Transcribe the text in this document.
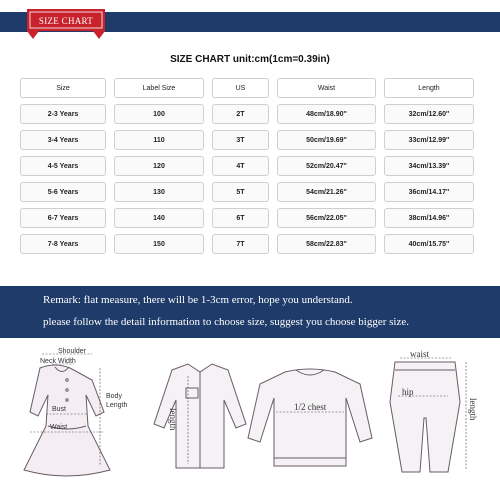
SIZE CHART
SIZE CHART unit:cm(1cm=0.39in)
Size	Label Size	US	Waist	Length
2-3 Years	100	2T	48cm/18.90''	32cm/12.60''
3-4 Years	110	3T	50cm/19.69''	33cm/12.99''
4-5 Years	120	4T	52cm/20.47''	34cm/13.39''
5-6 Years	130	5T	54cm/21.26''	36cm/14.17''
6-7 Years	140	6T	56cm/22.05''	38cm/14.96''
7-8 Years	150	7T	58cm/22.83''	40cm/15.75''
Remark: flat measure, there will be 1-3cm error, hope you understand.
please follow the detail information to choose size, suggest you choose bigger size.
Shoulder
Neck Width
Body
Length
Bust
Waist	length
1/2 chest
waist
hip
length
